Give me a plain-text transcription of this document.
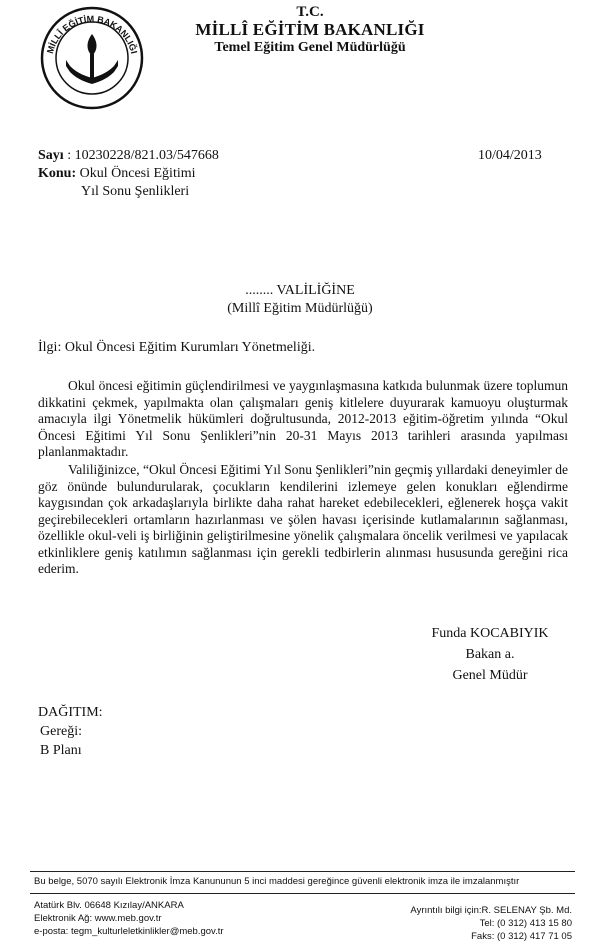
MİLLÎ EĞİTİM BAKANLIĞI
T.C.
MİLLÎ EĞİTİM BAKANLIĞI
Temel Eğitim Genel Müdürlüğü
Sayı : 10230228/821.03/547668	10/04/2013
Konu: Okul Öncesi Eğitimi
Yıl Sonu Şenlikleri
........ VALİLİĞİNE
(Millî Eğitim Müdürlüğü)
İlgi: Okul Öncesi Eğitim Kurumları Yönetmeliği.

Okul öncesi eğitimin güçlendirilmesi ve yaygınlaşmasına katkıda bulunmak üzere toplumun dikkatini çekmek, yapılmakta olan çalışmaları geniş kitlelere duyurarak kamuoyu oluşturmak amacıyla ilgi Yönetmelik hükümleri doğrultusunda, 2012-2013 eğitim-öğretim yılında “Okul Öncesi Eğitimi Yıl Sonu Şenlikleri”nin 20-31 Mayıs 2013 tarihleri arasında yapılması planlanmaktadır.

Valiliğinizce, “Okul Öncesi Eğitimi Yıl Sonu Şenlikleri”nin geçmiş yıllardaki deneyimler de göz önünde bulundurularak, çocukların kendilerini izlemeye gelen konukları eğlendirme kaygısından çok arkadaşlarıyla birlikte daha rahat hareket edebilecekleri, eğlenerek hoşça vakit geçirebilecekleri ortamların hazırlanması ve şölen havası içerisinde kutlamalarının sağlanması, özellikle okul-veli iş birliğinin geliştirilmesine yönelik çalışmalara öncelik verilmesi ve yapılacak etkinliklere geniş katılımın sağlanması için gerekli tedbirlerin alınması hususunda gereğini rica ederim.

Funda KOCABIYIK
Bakan a.
Genel Müdür
DAĞITIM:
Gereği:
B Planı
Bu belge, 5070 sayılı Elektronik İmza Kanununun 5 inci maddesi gereğince güvenli elektronik imza ile imzalanmıştır
Atatürk Blv. 06648 Kızılay/ANKARA
Elektronik Ağ: www.meb.gov.tr
e-posta: tegm_kulturleletkinlikler@meb.gov.tr
Ayrıntılı bilgi için:R. SELENAY Şb. Md.
Tel: (0 312) 413 15 80
Faks: (0 312) 417 71 05
